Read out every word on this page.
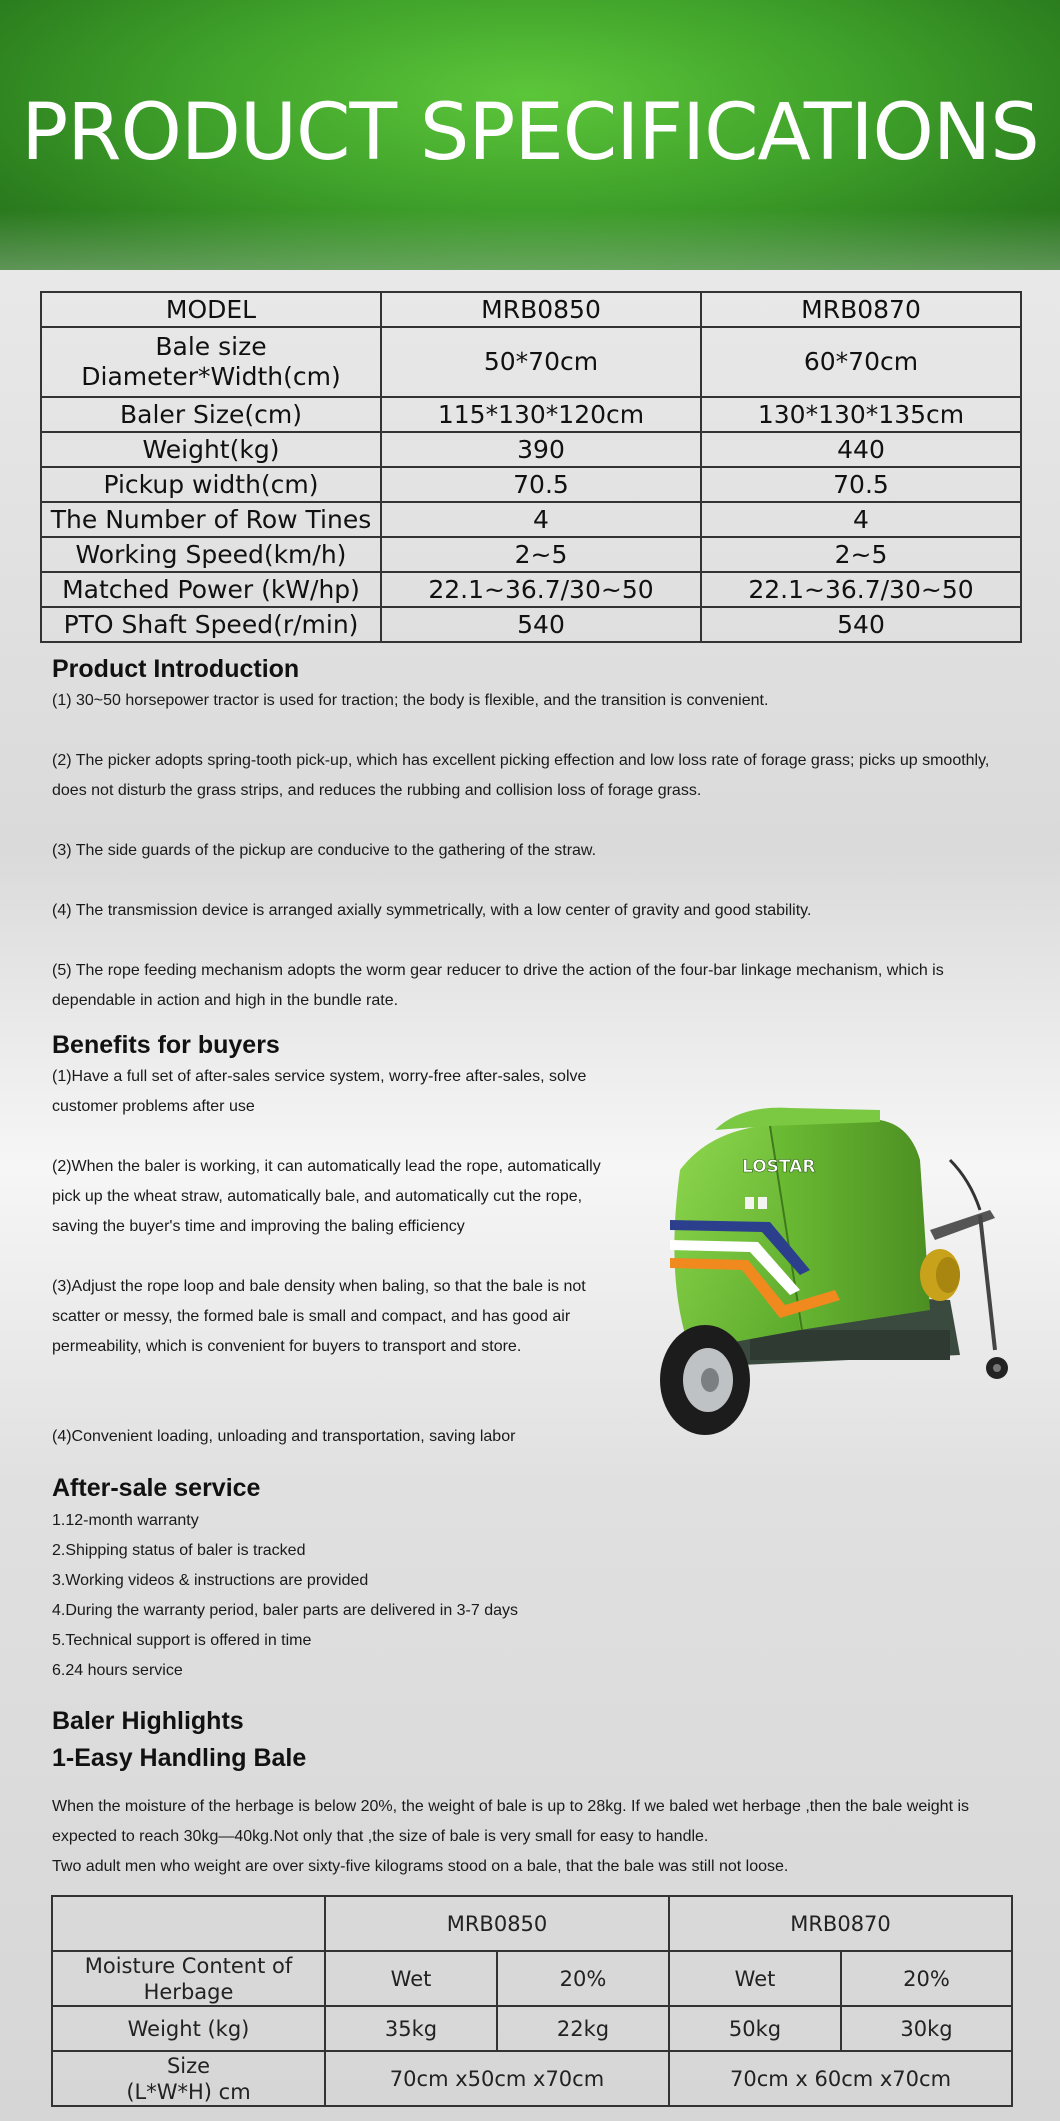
PRODUCT SPECIFICATIONS
MODEL	MRB0850	MRB0870
Bale size
Diameter*Width(cm)	50*70cm	60*70cm
Baler Size(cm)	115*130*120cm	130*130*135cm
Weight(kg)	390	440
Pickup width(cm)	70.5	70.5
The Number of Row Tines	4	4
Working Speed(km/h)	2~5	2~5
Matched Power (kW/hp)	22.1~36.7/30~50	22.1~36.7/30~50
PTO Shaft Speed(r/min)	540	540
Product Introduction
(1) 30~50 horsepower tractor is used for traction; the body is flexible, and the transition is convenient.
(2) The picker adopts spring-tooth pick-up, which has excellent picking effection and low loss rate of forage grass; picks up smoothly, does not disturb the grass strips, and reduces the rubbing and collision loss of forage grass.
(3) The side guards of the pickup are conducive to the gathering of the straw.
(4) The transmission device is arranged axially symmetrically, with a low center of gravity and good stability.
(5) The rope feeding mechanism adopts the worm gear reducer to drive the action of the four-bar linkage mechanism, which is dependable in action and high in the bundle rate.
Benefits for buyers
(1)Have a full set of after-sales service system, worry-free after-sales, solve customer problems after use
(2)When the baler is working, it can automatically lead the rope, automatically pick up the wheat straw, automatically bale, and automatically cut the rope, saving the buyer's time and improving the baling efficiency
(3)Adjust the rope loop and bale density when baling, so that the bale is not scatter or messy, the formed bale is small and compact, and has good air permeability, which is convenient for buyers to transport and store.
(4)Convenient loading, unloading and transportation, saving labor
LOSTAR
After-sale service
1.12-month warranty
2.Shipping status of baler is tracked
3.Working videos & instructions are provided
4.During the warranty period, baler parts are delivered in 3-7 days
5.Technical support is offered in time
6.24 hours service
Baler Highlights
1-Easy Handling Bale
When the moisture of the herbage is below 20%, the weight of bale is up to 28kg. If we baled wet herbage ,then the bale weight is expected to reach 30kg—40kg.Not only that ,the size of bale is very small for easy to handle.
Two adult men who weight are over sixty-five kilograms stood on a bale, that the bale was still not loose.
	MRB0850		MRB0870	
Moisture Content of Herbage	Wet	20%	Wet	20%
Weight (kg)	35kg	22kg	50kg	30kg
Size
(L*W*H) cm	70cm x50cm x70cm		70cm x 60cm x70cm	
